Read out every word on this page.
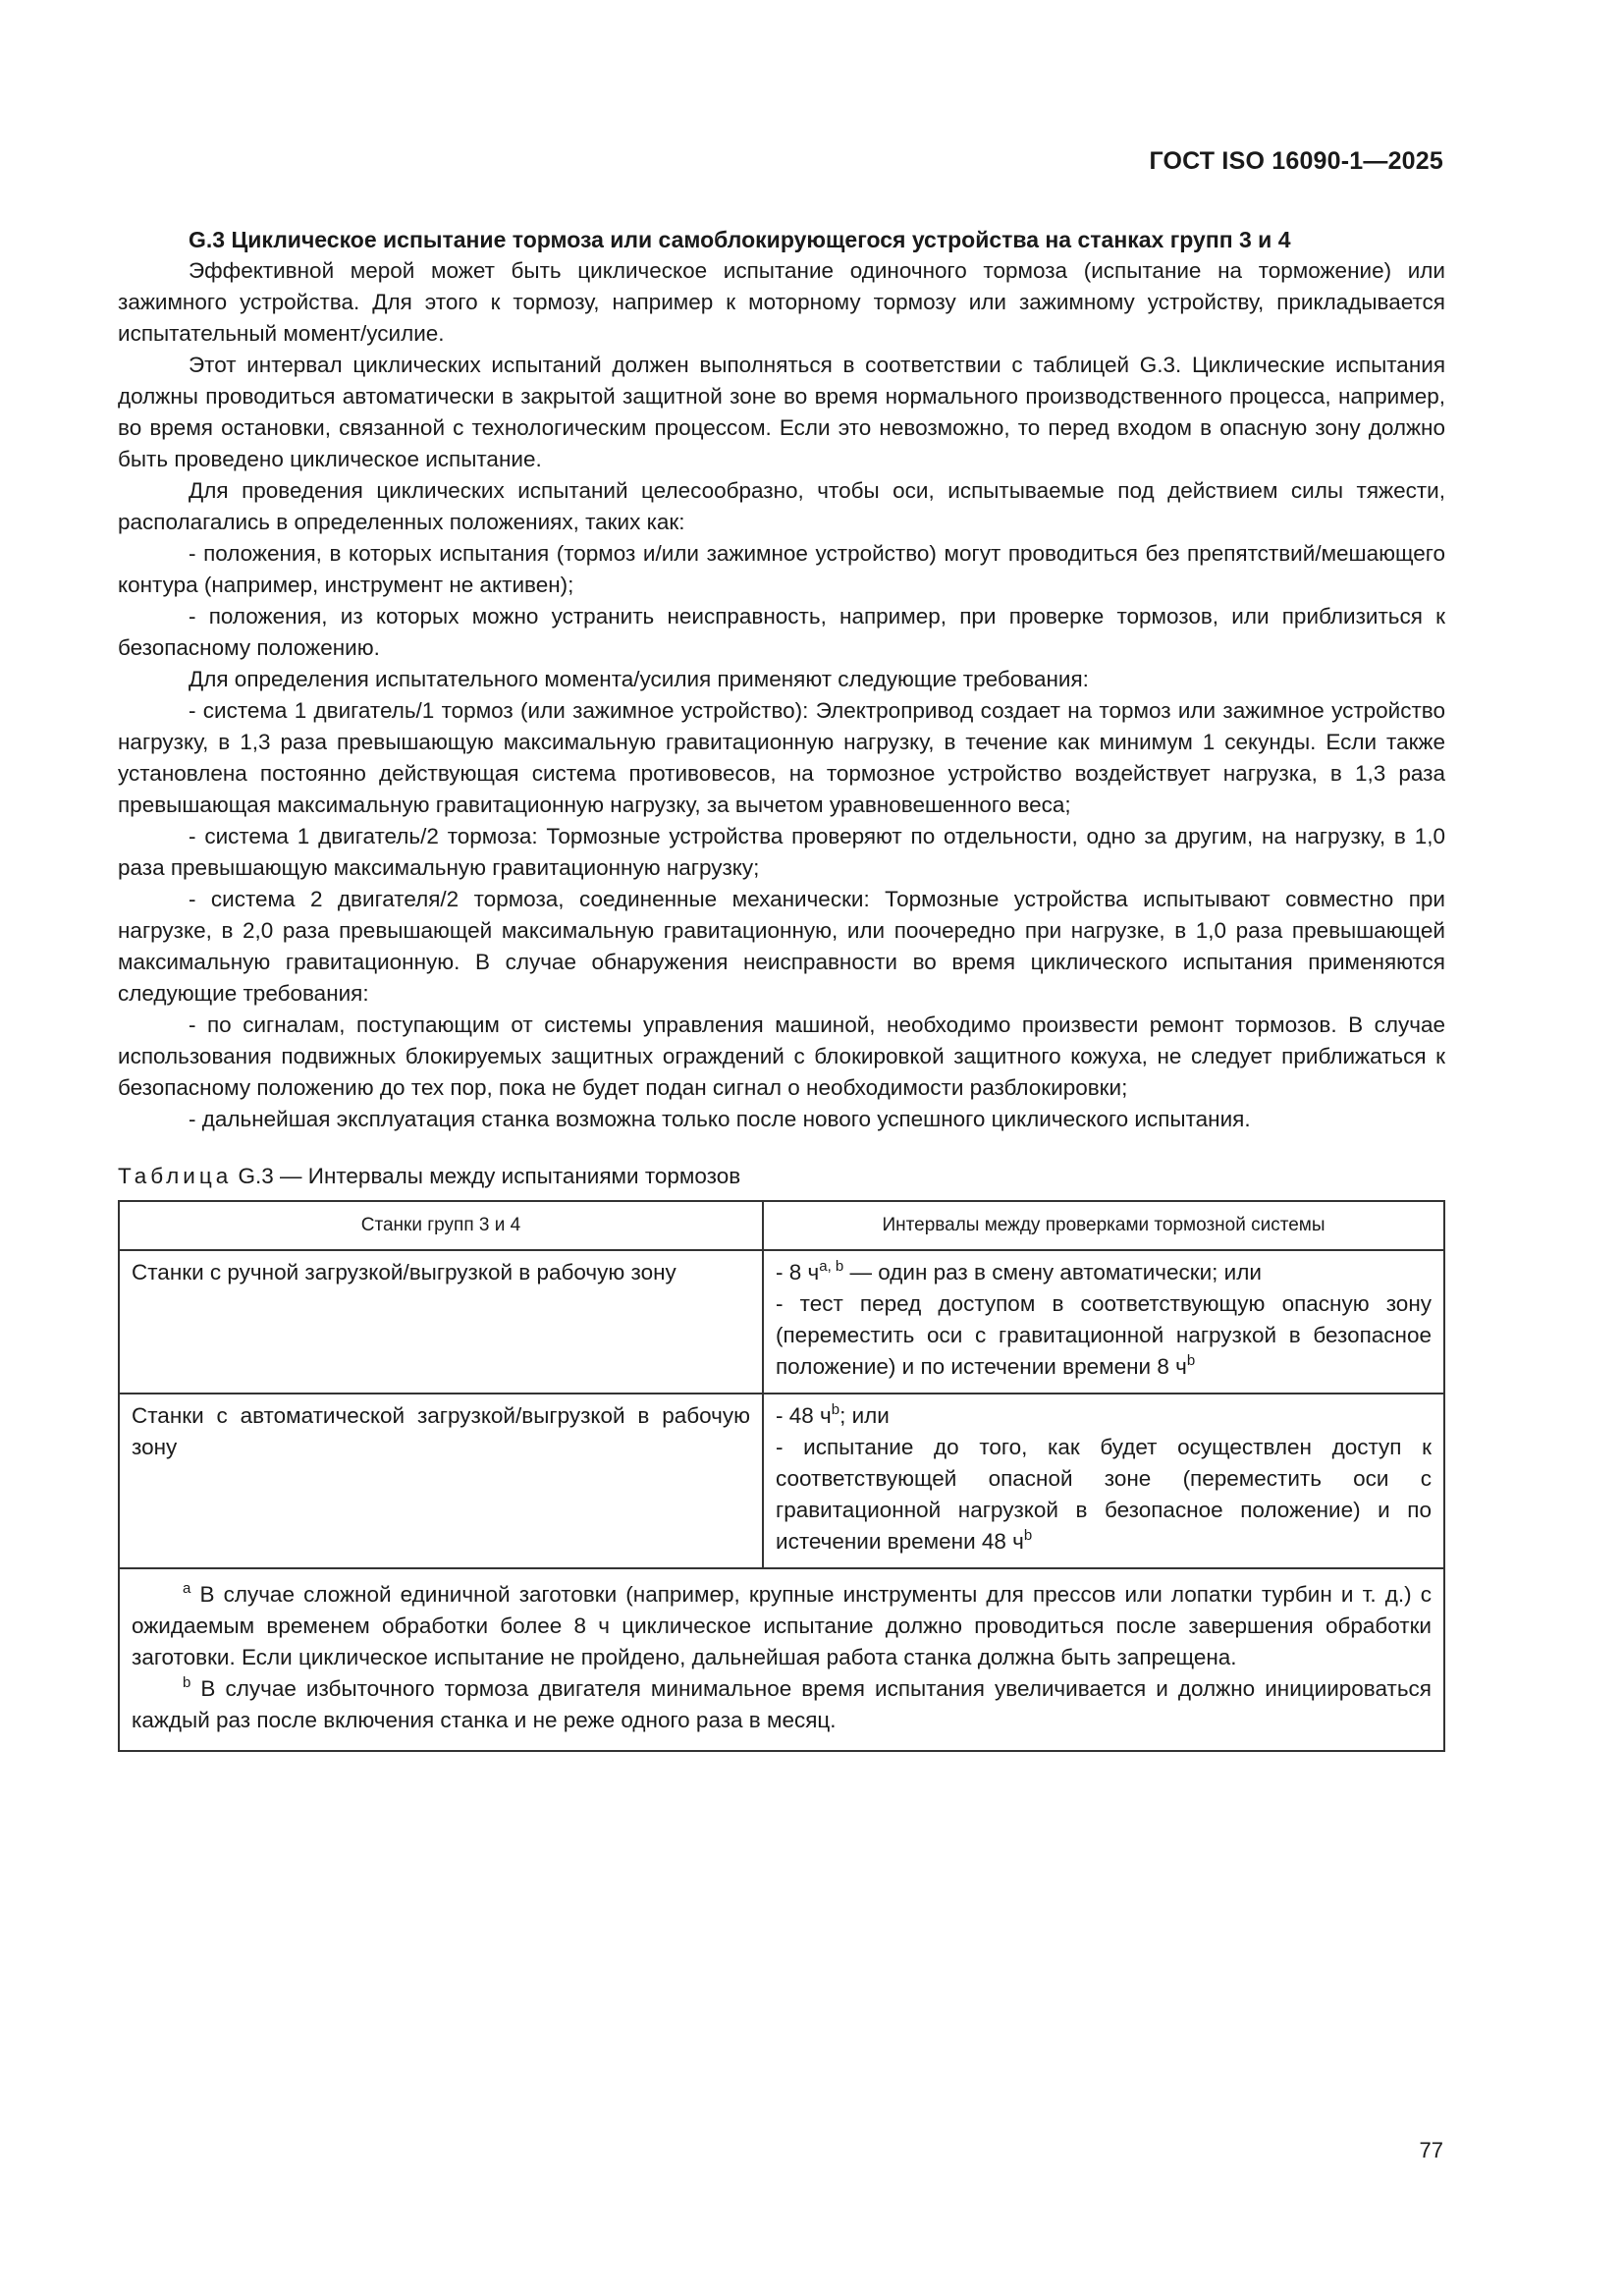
ГОСТ ISO 16090-1—2025

G.3 Циклическое испытание тормоза или самоблокирующегося устройства на станках групп 3 и 4

Эффективной мерой может быть циклическое испытание одиночного тормоза (испытание на торможение) или зажимного устройства. Для этого к тормозу, например к моторному тормозу или зажимному устройству, прикладывается испытательный момент/усилие.

Этот интервал циклических испытаний должен выполняться в соответствии с таблицей G.3. Циклические испытания должны проводиться автоматически в закрытой защитной зоне во время нормального производственного процесса, например, во время остановки, связанной с технологическим процессом. Если это невозможно, то перед входом в опасную зону должно быть проведено циклическое испытание.

Для проведения циклических испытаний целесообразно, чтобы оси, испытываемые под действием силы тяжести, располагались в определенных положениях, таких как:

- положения, в которых испытания (тормоз и/или зажимное устройство) могут проводиться без препятствий/мешающего контура (например, инструмент не активен);

- положения, из которых можно устранить неисправность, например, при проверке тормозов, или приблизиться к безопасному положению.

Для определения испытательного момента/усилия применяют следующие требования:

- система 1 двигатель/1 тормоз (или зажимное устройство): Электропривод создает на тормоз или зажимное устройство нагрузку, в 1,3 раза превышающую максимальную гравитационную нагрузку, в течение как минимум 1 секунды. Если также установлена постоянно действующая система противовесов, на тормозное устройство воздействует нагрузка, в 1,3 раза превышающая максимальную гравитационную нагрузку, за вычетом уравновешенного веса;

- система 1 двигатель/2 тормоза: Тормозные устройства проверяют по отдельности, одно за другим, на нагрузку, в 1,0 раза превышающую максимальную гравитационную нагрузку;

- система 2 двигателя/2 тормоза, соединенные механически: Тормозные устройства испытывают совместно при нагрузке, в 2,0 раза превышающей максимальную гравитационную, или поочередно при нагрузке, в 1,0 раза превышающей максимальную гравитационную. В случае обнаружения неисправности во время циклического испытания применяются следующие требования:

- по сигналам, поступающим от системы управления машиной, необходимо произвести ремонт тормозов. В случае использования подвижных блокируемых защитных ограждений с блокировкой защитного кожуха, не следует приближаться к безопасному положению до тех пор, пока не будет подан сигнал о необходимости разблокировки;

- дальнейшая эксплуатация станка возможна только после нового успешного циклического испытания.

Таблица G.3 — Интервалы между испытаниями тормозов
Станки групп 3 и 4	Интервалы между проверками тормозной системы
Станки с ручной загрузкой/выгрузкой в рабочую зону	- 8 $ч^{a, b}$ — один раз в смену автоматически; или
- тест перед доступом в соответствующую опасную зону (переместить оси с гравитационной нагрузкой в безопасное положение) и по истечении времени 8 $ч^b$

Станки с автоматической загрузкой/выгрузкой в рабочую зону	- 48 $ч^b$; или
- испытание до того, как будет осуществлен доступ к соответствующей опасной зоне (переместить оси с гравитационной нагрузкой в безопасное положение) и по истечении времени 48 $ч^b$

$^a$ В случае сложной единичной заготовки (например, крупные инструменты для прессов или лопатки турбин и т. д.) с ожидаемым временем обработки более 8 ч циклическое испытание должно проводиться после завершения обработки заготовки. Если циклическое испытание не пройдено, дальнейшая работа станка должна быть запрещена.

$^b$ В случае избыточного тормоза двигателя минимальное время испытания увеличивается и должно инициироваться каждый раз после включения станка и не реже одного раза в месяц.	

77
